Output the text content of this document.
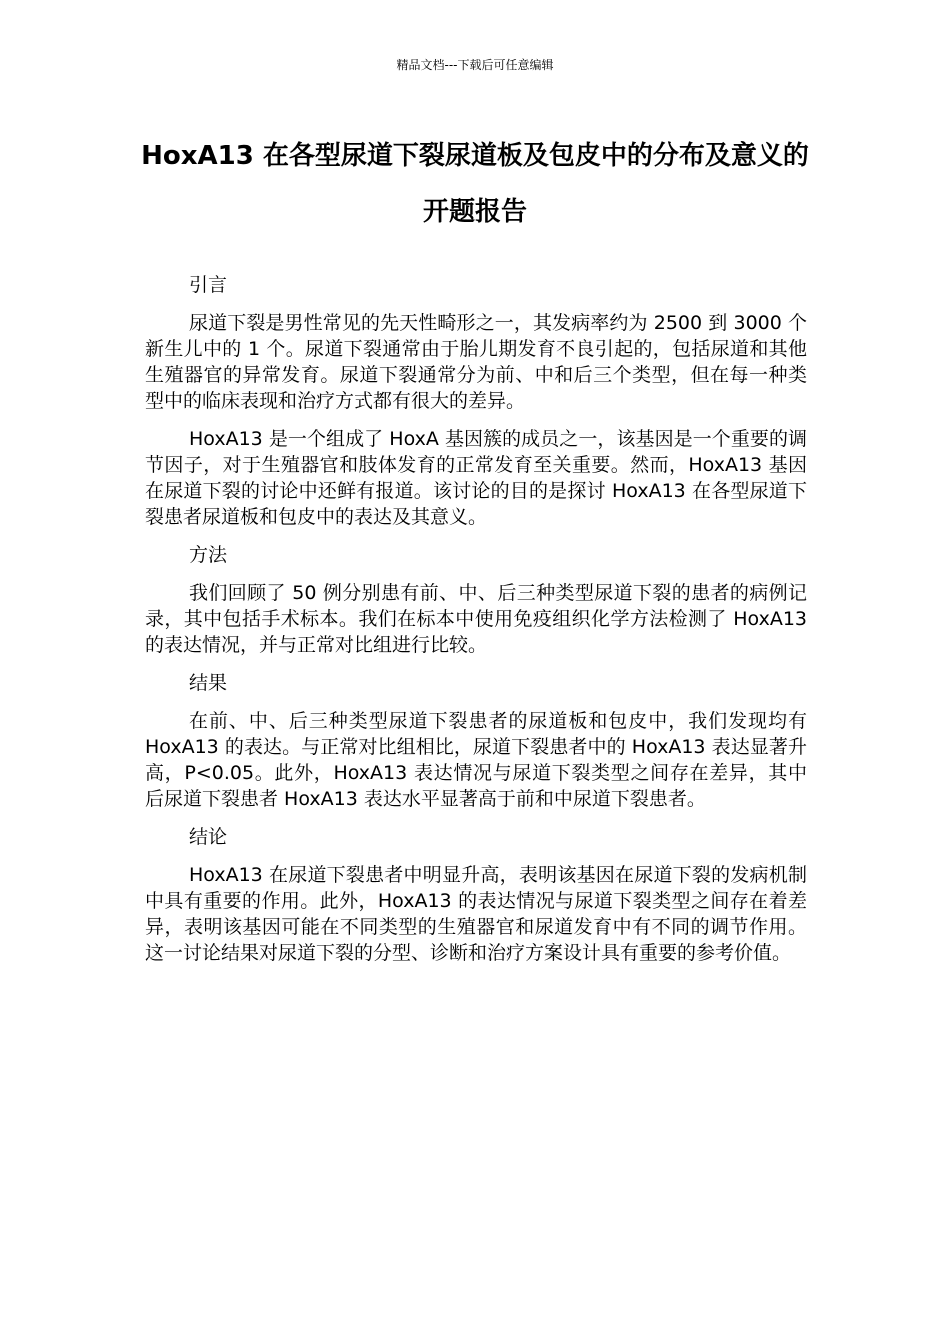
精品文档---下载后可任意编辑
HoxA13 在各型尿道下裂尿道板及包皮中的分布及意义的开题报告

引言

尿道下裂是男性常见的先天性畸形之一，其发病率约为 2500 到 3000 个新生儿中的 1 个。尿道下裂通常由于胎儿期发育不良引起的，包括尿道和其他生殖器官的异常发育。尿道下裂通常分为前、中和后三个类型，但在每一种类型中的临床表现和治疗方式都有很大的差异。

HoxA13 是一个组成了 HoxA 基因簇的成员之一，该基因是一个重要的调节因子，对于生殖器官和肢体发育的正常发育至关重要。然而，HoxA13 基因在尿道下裂的讨论中还鲜有报道。该讨论的目的是探讨 HoxA13 在各型尿道下裂患者尿道板和包皮中的表达及其意义。

方法

我们回顾了 50 例分别患有前、中、后三种类型尿道下裂的患者的病例记录，其中包括手术标本。我们在标本中使用免疫组织化学方法检测了 HoxA13 的表达情况，并与正常对比组进行比较。

结果

在前、中、后三种类型尿道下裂患者的尿道板和包皮中，我们发现均有 HoxA13 的表达。与正常对比组相比，尿道下裂患者中的 HoxA13 表达显著升高，P<0.05。此外，HoxA13 表达情况与尿道下裂类型之间存在差异，其中后尿道下裂患者 HoxA13 表达水平显著高于前和中尿道下裂患者。

结论

HoxA13 在尿道下裂患者中明显升高，表明该基因在尿道下裂的发病机制中具有重要的作用。此外，HoxA13 的表达情况与尿道下裂类型之间存在着差异，表明该基因可能在不同类型的生殖器官和尿道发育中有不同的调节作用。这一讨论结果对尿道下裂的分型、诊断和治疗方案设计具有重要的参考价值。
